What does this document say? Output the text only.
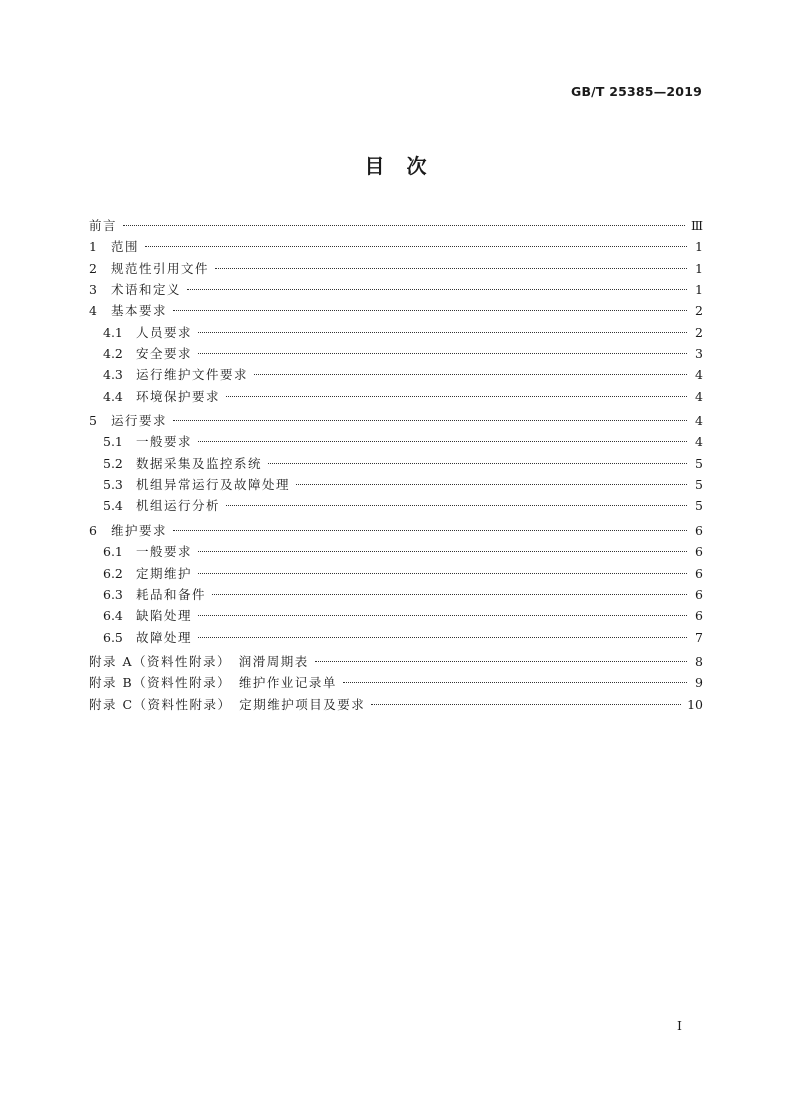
GB/T 25385—2019
目　次
前言	Ⅲ
1	范围	1
2	规范性引用文件	1
3	术语和定义	1
4	基本要求	2
4.1	人员要求	2
4.2	安全要求	3
4.3	运行维护文件要求	4
4.4	环境保护要求	4
5	运行要求	4
5.1	一般要求	4
5.2	数据采集及监控系统	5
5.3	机组异常运行及故障处理	5
5.4	机组运行分析	5
6	维护要求	6
6.1	一般要求	6
6.2	定期维护	6
6.3	耗品和备件	6
6.4	缺陷处理	6
6.5	故障处理	7
附录 A（资料性附录）　润滑周期表	8
附录 B（资料性附录）　维护作业记录单	9
附录 C（资料性附录）　定期维护项目及要求	10
I
